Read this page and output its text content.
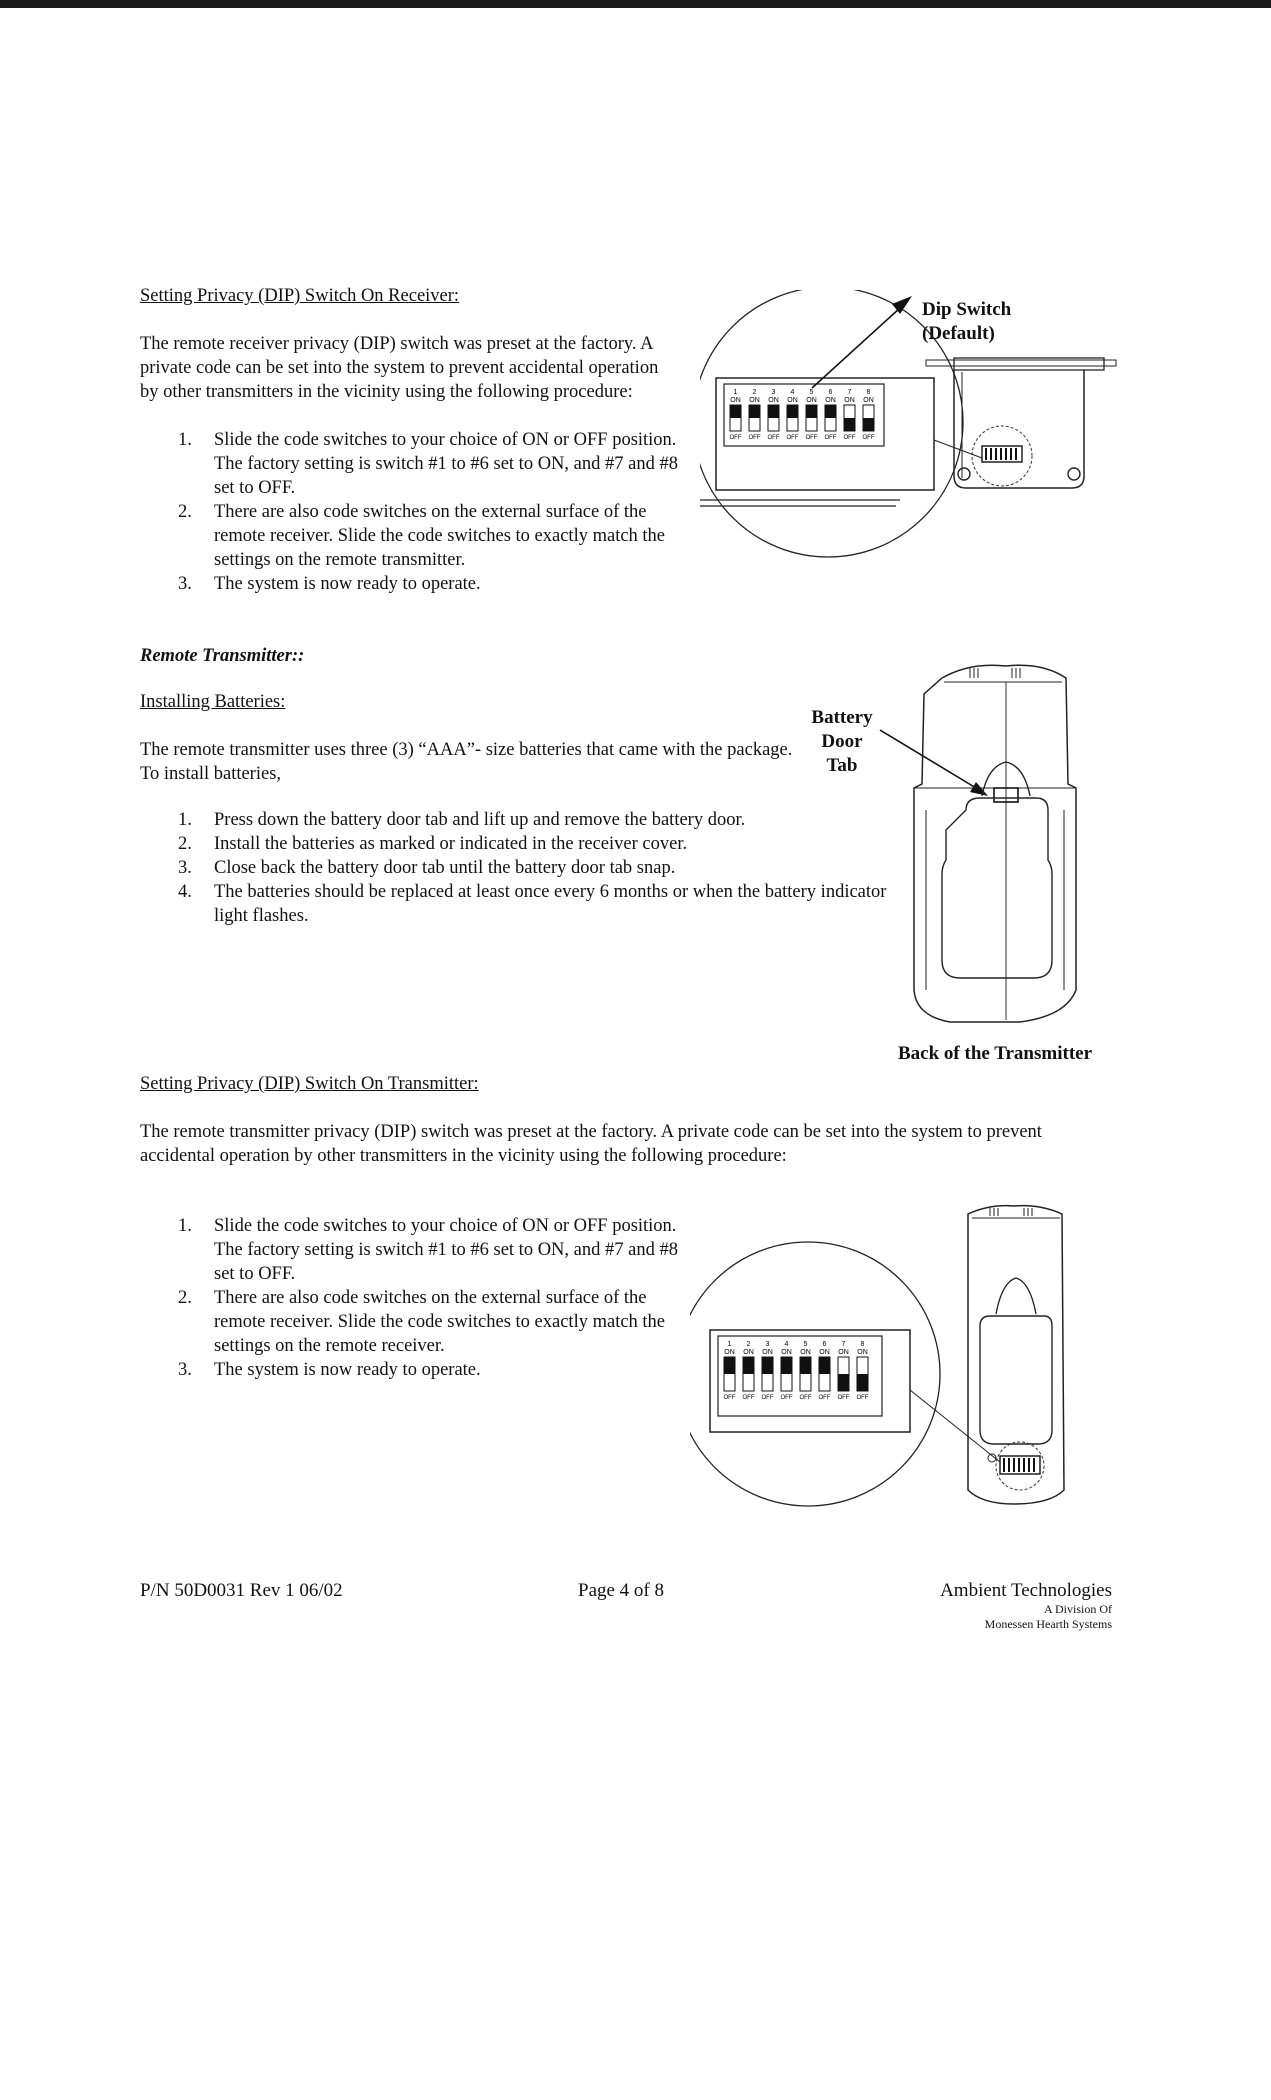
Setting Privacy (DIP) Switch On Receiver:
The remote receiver privacy (DIP) switch was preset at the factory. A private code can be set into the system to prevent accidental operation by other transmitters in the vicinity using the following procedure:
1. Slide the code switches to your choice of ON or OFF position. The factory setting is switch #1 to #6 set to ON, and #7 and #8 set to OFF.
2. There are also code switches on the external surface of the remote receiver. Slide the code switches to exactly match the settings on the remote transmitter.
3. The system is now ready to operate.
Dip Switch
(Default)
1
ON
OFF
2
ON
OFF
3
ON
OFF
4
ON
OFF
5
ON
OFF
6
ON
OFF
7
ON
OFF
8
ON
OFF
Remote Transmitter::
Installing Batteries:
The remote transmitter uses three (3) “AAA”- size batteries that came with the package. To install batteries,
Battery
Door
Tab
1. Press down the battery door tab and lift up and remove the battery door.
2. Install the batteries as marked or indicated in the receiver cover.
3. Close back the battery door tab until the battery door tab snap.
4. The batteries should be replaced at least once every 6 months or when the battery indicator light flashes.
Back of the Transmitter
Setting Privacy (DIP) Switch On Transmitter:
The remote transmitter privacy (DIP) switch was preset at the factory. A private code can be set into the system to prevent accidental operation by other transmitters in the vicinity using the following procedure:
1. Slide the code switches to your choice of ON or OFF position. The factory setting is switch #1 to #6 set to ON, and #7 and #8 set to OFF.
2. There are also code switches on the external surface of the remote receiver. Slide the code switches to exactly match the settings on the remote receiver.
3. The system is now ready to operate.
1
ON
OFF
2
ON
OFF
3
ON
OFF
4
ON
OFF
5
ON
OFF
6
ON
OFF
7
ON
OFF
8
ON
OFF
P/N 50D0031 Rev 1 06/02	Page 4 of 8	Ambient Technologies
A Division Of
Monessen Hearth Systems
